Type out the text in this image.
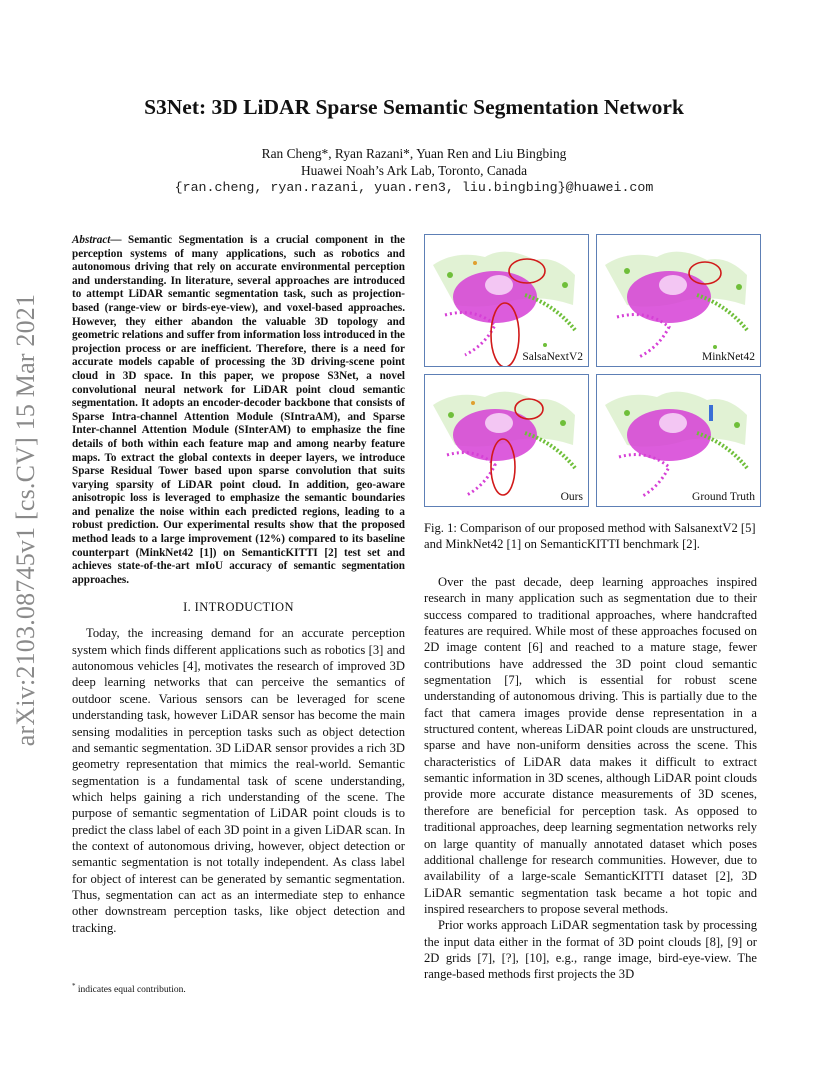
arXiv:2103.08745v1 [cs.CV] 15 Mar 2021
S3Net: 3D LiDAR Sparse Semantic Segmentation Network
Ran Cheng*, Ryan Razani*, Yuan Ren and Liu Bingbing
Huawei Noah’s Ark Lab, Toronto, Canada
{ran.cheng, ryan.razani, yuan.ren3, liu.bingbing}@huawei.com

Abstract— Semantic Segmentation is a crucial component in the perception systems of many applications, such as robotics and autonomous driving that rely on accurate environmental perception and understanding. In literature, several approaches are introduced to attempt LiDAR semantic segmentation task, such as projection-based (range-view or birds-eye-view), and voxel-based approaches. However, they either abandon the valuable 3D topology and geometric relations and suffer from information loss introduced in the projection process or are inefficient. Therefore, there is a need for accurate models capable of processing the 3D driving-scene point cloud in 3D space. In this paper, we propose S3Net, a novel convolutional neural network for LiDAR point cloud semantic segmentation. It adopts an encoder-decoder backbone that consists of Sparse Intra-channel Attention Module (SIntraAM), and Sparse Inter-channel Attention Module (SInterAM) to emphasize the fine details of both within each feature map and among nearby feature maps. To extract the global contexts in deeper layers, we introduce Sparse Residual Tower based upon sparse convolution that suits varying sparsity of LiDAR point cloud. In addition, geo-aware anisotropic loss is leveraged to emphasize the semantic boundaries and penalize the noise within each predicted regions, leading to a robust prediction. Our experimental results show that the proposed method leads to a large improvement (12%) compared to its baseline counterpart (MinkNet42 [1]) on SemanticKITTI [2] test set and achieves state-of-the-art mIoU accuracy of semantic segmentation approaches.

I. INTRODUCTION

Today, the increasing demand for an accurate perception system which finds different applications such as robotics [3] and autonomous vehicles [4], motivates the research of improved 3D deep learning networks that can perceive the semantics of outdoor scene. Various sensors can be leveraged for scene understanding task, however LiDAR sensor has become the main sensing modalities in perception tasks such as object detection and semantic segmentation. 3D LiDAR sensor provides a rich 3D geometry representation that mimics the real-world. Semantic segmentation is a fundamental task of scene understanding, which helps gaining a rich understanding of the scene. The purpose of semantic segmentation of LiDAR point clouds is to predict the class label of each 3D point in a given LiDAR scan. In the context of autonomous driving, however, object detection or semantic segmentation is not totally independent. As class label for object of interest can be generated by semantic segmentation. Thus, segmentation can act as an intermediate step to enhance other downstream perception tasks, like object detection and tracking.

* indicates equal contribution.
SalsaNextV2	MinkNet42
Ours	Ground Truth

Fig. 1: Comparison of our proposed method with SalsanextV2 [5] and MinkNet42 [1] on SemanticKITTI benchmark [2].

Over the past decade, deep learning approaches inspired research in many application such as segmentation due to their success compared to traditional approaches, where handcrafted features are required. While most of these approaches focused on 2D image content [6] and reached to a mature stage, fewer contributions have addressed the 3D point cloud semantic segmentation [7], which is essential for robust scene understanding of autonomous driving. This is partially due to the fact that camera images provide dense representation in a structured content, whereas LiDAR point clouds are unstructured, sparse and have non-uniform densities across the scene. This characteristics of LiDAR data makes it difficult to extract semantic information in 3D scenes, although LiDAR point clouds provide more accurate distance measurements of 3D scenes, therefore are beneficial for perception task. As opposed to traditional approaches, deep learning segmentation networks rely on large quantity of manually annotated dataset which poses additional challenge for research communities. However, due to availability of a large-scale SemanticKITTI dataset [2], 3D LiDAR semantic segmentation task became a hot topic and inspired researchers to propose several methods.

Prior works approach LiDAR segmentation task by processing the input data either in the format of 3D point clouds [8], [9] or 2D grids [7], [?], [10], e.g., range image, bird-eye-view. The range-based methods first projects the 3D
